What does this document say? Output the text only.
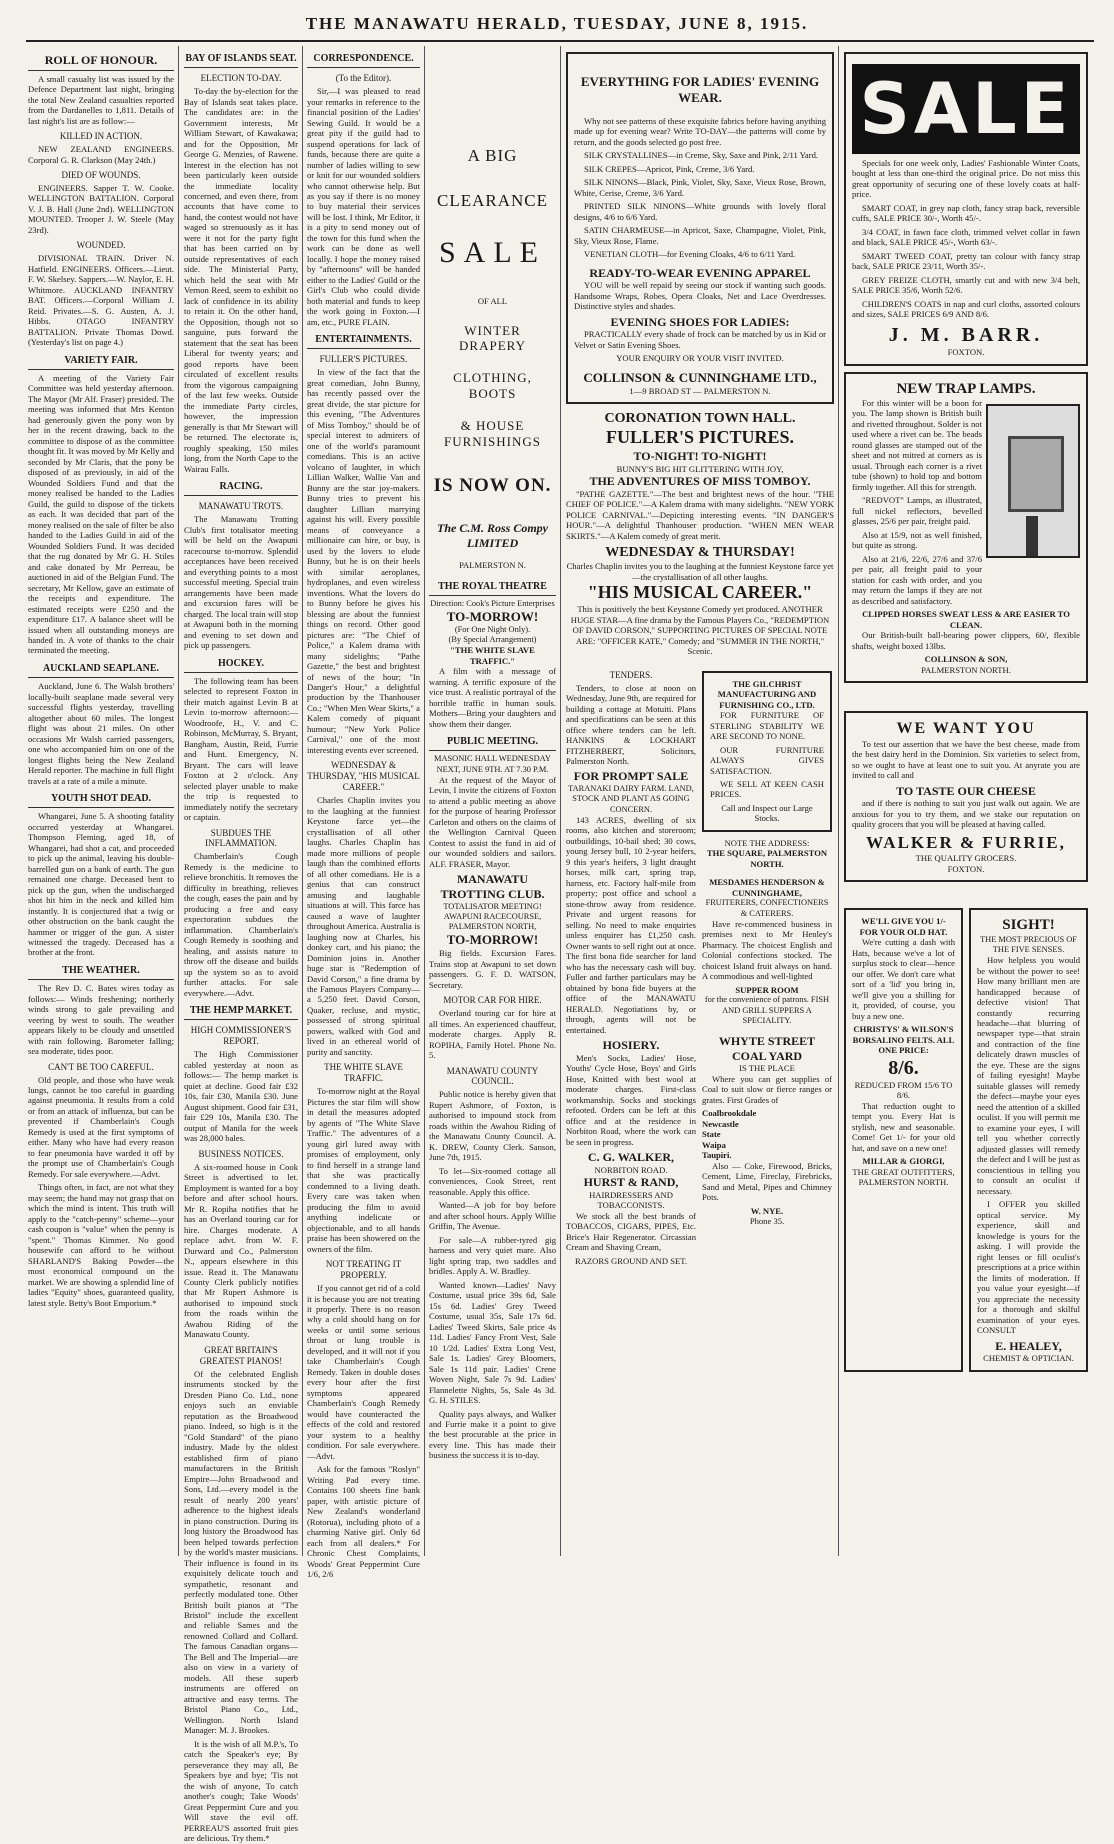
THE MANAWATU HERALD, TUESDAY, JUNE 8, 1915.
ROLL OF HONOUR.

A small casualty list was issued by the Defence Department last night, bringing the total New Zealand casualties reported from the Dardanelles to 1,811. Details of last night's list are as follow:—

KILLED IN ACTION.

NEW ZEALAND ENGINEERS. Corporal G. R. Clarkson (May 24th.)

DIED OF WOUNDS.

ENGINEERS. Sapper T. W. Cooke. WELLINGTON BATTALION. Corporal V. J. B. Hall (June 2nd). WELLINGTON MOUNTED. Trooper J. W. Steele (May 23rd).

WOUNDED.

DIVISIONAL TRAIN. Driver N. Hatfield. ENGINEERS. Officers.—Lieut. F. W. Skelsey. Sappers.—W. Naylor, E. H. Whitmore. AUCKLAND INFANTRY BAT. Officers.—Corporal William J. Reid. Privates.—S. G. Austen, A. J. Hibbs. OTAGO INFANTRY BATTALION. Private Thomas Dowd. (Yesterday's list on page 4.)

VARIETY FAIR.

A meeting of the Variety Fair Committee was held yesterday afternoon. The Mayor (Mr Alf. Fraser) presided. The meeting was informed that Mrs Kenton had generously given the pony won by her in the recent drawing, back to the committee to dispose of as the committee thought fit. It was moved by Mr Kelly and seconded by Mr Claris, that the pony be disposed of as previously, in aid of the Wounded Soldiers Fund and that the money realised be handed to the Ladies Guild, the guild to dispose of the tickets as each. It was decided that part of the money realised on the sale of filter be also handed to the Ladies Guild in aid of the Wounded Soldiers Fund. It was decided that the rug donated by Mr G. H. Stiles and cake donated by Mr Perreau, be auctioned in aid of the Belgian Fund. The secretary, Mr Kellow, gave an estimate of the receipts and expenditure. The estimated receipts were £250 and the expenditure £17. A balance sheet will be issued when all outstanding moneys are handed in. A vote of thanks to the chair terminated the meeting.

AUCKLAND SEAPLANE.

Auckland, June 6. The Walsh brothers' locally-built seaplane made several very successful flights yesterday, travelling altogether about 60 miles. The longest flight was about 21 miles. On other occasions Mr Walsh carried passengers, one who accompanied him on one of the longest flights being the New Zealand Herald reporter. The machine in full flight travels at a rate of a mile a minute.

YOUTH SHOT DEAD.

Whangarei, June 5. A shooting fatality occurred yesterday at Whangarei. Thompson Fleming, aged 18, of Whangarei, had shot a cat, and proceeded to pick up the animal, leaving his double-barrelled gun on a bank of earth. The gun remained one charge. Deceased bent to pick up the gun, when the undischarged shot hit him in the neck and killed him instantly. It is conjectured that a twig or other obstruction on the bank caught the hammer or trigger of the gun. A sister witnessed the tragedy. Deceased has a brother at the front.

THE WEATHER.

The Rev D. C. Bates wires today as follows:— Winds freshening; northerly winds strong to gale prevailing and veering by west to south. The weather appears likely to be cloudy and unsettled with rain following. Barometer falling; sea moderate, tides poor.

CAN'T BE TOO CAREFUL.

Old people, and those who have weak lungs, cannot be too careful in guarding against pneumonia. It results from a cold or from an attack of influenza, but can be prevented if Chamberlain's Cough Remedy is used at the first symptoms of either. Many who have had every reason to fear pneumonia have warded it off by the prompt use of Chamberlain's Cough Remedy. For sale everywhere.—Advt.

Things often, in fact, are not what they may seem; the hand may not grasp that on which the mind is intent. This truth will apply to the "catch-penny" scheme—your cash coupon is "value" when the penny is "spent." Thomas Kimmer. No good housewife can afford to be without SHARLAND'S Baking Powder—the most economical compound on the market. We are showing a splendid line of ladies "Equity" shoes, guaranteed quality, latest style. Betty's Boot Emporium.*

BAY OF ISLANDS SEAT.
ELECTION TO-DAY.

To-day the by-election for the Bay of Islands seat takes place. The candidates are: in the Government interests, Mr William Stewart, of Kawakawa; and for the Opposition, Mr George G. Menzies, of Rawene. Interest in the election has not been particularly keen outside the immediate locality concerned, and even there, from accounts that have come to hand, the contest would not have waged so strenuously as it has were it not for the party fight that has been carried on by outside representatives of each side. The Ministerial Party, which held the seat with Mr Vernon Reed, seem to exhibit no lack of confidence in its ability to retain it. On the other hand, the Opposition, though not so sanguine, puts forward the statement that the seat has been Liberal for twenty years; and good reports have been circulated of excellent results from the vigorous campaigning of the last few weeks. Outside the immediate Party circles, however, the impression generally is that Mr Stewart will be returned. The electorate is, roughly speaking, 150 miles long, from the North Cape to the Wairau Falls.

RACING.
MANAWATU TROTS.

The Manawatu Trotting Club's first totalisator meeting will be held on the Awapuni racecourse to-morrow. Splendid acceptances have been received and everything points to a most successful meeting. Special train arrangements have been made and excursion fares will be charged. The local train will stop at Awapuni both in the morning and evening to set down and pick up passengers.

HOCKEY.

The following team has been selected to represent Foxton in their match against Levin B at Levin to-morrow afternoon:— Woodroofe, H., V. and C. Robinson, McMurray, S. Bryant, Bangham, Austin, Reid, Furrie and Hunt. Emergency, N. Bryant. The cars will leave Foxton at 2 o'clock. Any selected player unable to make the trip is requested to immediately notify the secretary or captain.

SUBDUES THE INFLAMMATION.

Chamberlain's Cough Remedy is the medicine to relieve bronchitis. It removes the difficulty in breathing, relieves the cough, eases the pain and by producing a free and easy expectoration subdues the inflammation. Chamberlain's Cough Remedy is soothing and healing, and assists nature to throw off the disease and builds up the system so as to avoid further attacks. For sale everywhere.—Advt.

THE HEMP MARKET.
HIGH COMMISSIONER'S REPORT.

The High Commissioner cabled yesterday at noon as follows:— The hemp market is quiet at decline. Good fair £32 10s, fair £30, Manila £30. June August shipment. Good fair £31, fair £29 10s, Manila £30. The output of Manila for the week was 28,000 bales.

BUSINESS NOTICES.

A six-roomed house in Cook Street is advertised to let. Employment is wanted for a boy before and after school hours. Mr R. Ropiha notifies that he has an Overland touring car for hire. Charges moderate. A replace advt. from W. F. Durward and Co., Palmerston N., appears elsewhere in this issue. Read it. The Manawatu County Clerk publicly notifies that Mr Rupert Ashmore is authorised to impound stock from the roads within the Awahou Riding of the Manawatu County.

GREAT BRITAIN'S GREATEST PIANOS!

Of the celebrated English instruments stocked by the Dresden Piano Co. Ltd., none enjoys such an enviable reputation as the Broadwood piano. Indeed, so high is it the "Gold Standard" of the piano industry. Made by the oldest established firm of piano manufacturers in the British Empire—John Broadwood and Sons, Ltd.—every model is the result of nearly 200 years' adherence to the highest ideals in piano construction. During its long history the Broadwood has been helped towards perfection by the world's master musicians. Their influence is found in its exquisitely delicate touch and sympathetic, resonant and perfectly modulated tone. Other British built pianos at "The Bristol" include the excellent and reliable Sames and the renowned Collard and Collard. The famous Canadian organs—The Bell and The Imperial—are also on view in a variety of models. All these superb instruments are offered on attractive and easy terms. The Bristol Piano Co., Ltd., Wellington. North Island Manager: M. J. Brookes.

It is the wish of all M.P.'s, To catch the Speaker's eye; By perseverance they may all, Be Speakers bye and bye; 'Tis not the wish of anyone, To catch another's cough; Take Woods' Great Peppermint Cure and you Will stave the evil off. PERREAU'S assorted fruit pies are delicious. Try them.*

CORRESPONDENCE.
(To the Editor).

Sir,—I was pleased to read your remarks in reference to the financial position of the Ladies' Sewing Guild. It would be a great pity if the guild had to suspend operations for lack of funds, because there are quite a number of ladies willing to sew or knit for our wounded soldiers who cannot otherwise help. But as you say if there is no money to buy material their services will be lost. I think, Mr Editor, it is a pity to send money out of the town for this fund when the work can be done as well locally. I hope the money raised by "afternoons" will be handed either to the Ladies' Guild or the Girl's Club who could divide both material and funds to keep the work going in Foxton.—I am, etc., PURE FLAIN.

ENTERTAINMENTS.
FULLER'S PICTURES.

In view of the fact that the great comedian, John Bunny, has recently passed over the great divide, the star picture for this evening, "The Adventures of Miss Tomboy," should be of special interest to admirers of one of the world's paramount comedians. This is an active volcano of laughter, in which Lillian Walker, Wallie Van and Bunny are the star joy-makers. Bunny tries to prevent his daughter Lillian marrying against his will. Every possible means of conveyance a millionaire can hire, or buy, is used by the lovers to elude Bunny, but he is on their heels with similar aeroplanes, hydroplanes, and even wireless inventions. What the lovers do to Bunny before he gives his blessing are about the funniest things on record. Other good pictures are: "The Chief of Police," a Kalem drama with many sidelights; "Pathe Gazette," the best and brightest of news of the hour; "In Danger's Hour," a delightful production by the Thanhouser Co.; "When Men Wear Skirts," a Kalem comedy of piquant humour; "New York Police Carnival," one of the most interesting events ever screened.

WEDNESDAY & THURSDAY, "HIS MUSICAL CAREER."

Charles Chaplin invites you to the laughing at the funniest Keystone farce yet—the crystallisation of all other laughs. Charles Chaplin has made more millions of people laugh than the combined efforts of all other comedians. He is a genius that can construct amusing and laughable situations at will. This farce has caused a wave of laughter throughout America. Australia is laughing now at Charles, his donkey cart, and his piano; the Dominion joins in. Another huge star is "Redemption of David Corson," a fine drama by the Famous Players Company—a 5,250 feet. David Corson, Quaker, recluse, and mystic, possessed of strong spiritual powers, walked with God and lived in an ethereal world of purity and sanctity.

THE WHITE SLAVE TRAFFIC.

To-morrow night at the Royal Pictures the star film will show in detail the measures adopted by agents of "The White Slave Traffic." The adventures of a young girl lured away with promises of employment, only to find herself in a strange land that she was practically condemned to a living death. Every care was taken when producing the film to avoid anything indelicate or objectionable, and to all hands praise has been showered on the owners of the film.

NOT TREATING IT PROPERLY.

If you cannot get rid of a cold it is because you are not treating it properly. There is no reason why a cold should hang on for weeks or until some serious throat or lung trouble is developed, and it will not if you take Chamberlain's Cough Remedy. Taken in double doses every hour after the first symptoms appeared Chamberlain's Cough Remedy would have counteracted the effects of the cold and restored your system to a healthy condition. For sale everywhere.—Advt.

Ask for the famous "Roslyn" Writing Pad every time. Contains 100 sheets fine bank paper, with artistic picture of New Zealand's wonderland (Rotorua), including photo of a charming Native girl. Only 6d each from all dealers.* For Chronic Chest Complaints, Woods' Great Peppermint Cure 1/6, 2/6

A BIG
CLEARANCE
SALE
OF ALL
WINTER DRAPERY
CLOTHING, BOOTS
& HOUSE FURNISHINGS
IS NOW ON.
The C.M. Ross Compy LIMITED
PALMERSTON N.
THE ROYAL THEATRE
Direction: Cook's Picture Enterprises
TO-MORROW!
(For One Night Only).
(By Special Arrangement)
"THE WHITE SLAVE TRAFFIC."

A film with a message of warning. A terrific exposure of the vice trust. A realistic portrayal of the horrible traffic in human souls. Mothers—Bring your daughters and show them their danger.

PUBLIC MEETING.
MASONIC HALL WEDNESDAY NEXT, JUNE 9TH. AT 7.30 P.M.

At the request of the Mayor of Levin, I invite the citizens of Foxton to attend a public meeting as above for the purpose of hearing Professor Carleton and others on the claims of the Wellington Carnival Queen Contest to assist the fund in aid of our wounded soldiers and sailors. ALF. FRASER, Mayor.

MANAWATU TROTTING CLUB.
TOTALISATOR MEETING! AWAPUNI RACECOURSE, PALMERSTON NORTH,
TO-MORROW!

Big fields. Excursion Fares. Trains stop at Awapuni to set down passengers. G. F. D. WATSON, Secretary.

MOTOR CAR FOR HIRE.

Overland touring car for hire at all times. An experienced chauffeur, moderate charges. Apply R. ROPIHA, Family Hotel. Phone No. 5.

MANAWATU COUNTY COUNCIL.

Public notice is hereby given that Rupert Ashmore, of Foxton, is authorised to impound stock from roads within the Awahou Riding of the Manawatu County Council. A. K. DREW, County Clerk. Sanson, June 7th, 1915.

To let—Six-roomed cottage all conveniences, Cook Street, rent reasonable. Apply this office.

Wanted—A job for boy before and after school hours. Apply Willie Griffin, The Avenue.

For sale—A rubber-tyred gig harness and very quiet mare. Also light spring trap, two saddles and bridles. Apply A. W. Bradley.

Wanted known—Ladies' Navy Costume, usual price 39s 6d, Sale 15s 6d. Ladies' Grey Tweed Costume, usual 35s, Sale 17s 6d. Ladies' Tweed Skirts, Sale price 4s 11d. Ladies' Fancy Front Vest, Sale 10 1/2d. Ladies' Extra Long Vest, Sale 1s. Ladies' Grey Bloomers, Sale 1s 11d pair. Ladies' Crene Woven Night, Sale 7s 9d. Ladies' Flannelette Nights, 5s, Sale 4s 3d. G. H. STILES.

Quality pays always, and Walker and Furrie make it a point to give the best procurable at the price in every line. This has made their business the success it is to-day.

EVERYTHING FOR LADIES' EVENING WEAR.

Why not see patterns of these exquisite fabrics before having anything made up for evening wear? Write TO-DAY—the patterns will come by return, and the goods selected go post free.

SILK CRYSTALLINES—in Creme, Sky, Saxe and Pink, 2/11 Yard.

SILK CREPES—Apricot, Pink, Creme, 3/6 Yard.

SILK NINONS—Black, Pink, Violet, Sky, Saxe, Vieux Rose, Brown, White, Cerise, Creme, 3/6 Yard.

PRINTED SILK NINONS—White grounds with lovely floral designs, 4/6 to 6/6 Yard.

SATIN CHARMEUSE—in Apricot, Saxe, Champagne, Violet, Pink, Sky, Vieux Rose, Flame.

VENETIAN CLOTH—for Evening Cloaks, 4/6 to 6/11 Yard.

READY-TO-WEAR EVENING APPAREL

YOU will be well repaid by seeing our stock if wanting such goods. Handsome Wraps, Robes, Opera Cloaks, Net and Lace Overdresses. Distinctive styles and shades.

EVENING SHOES FOR LADIES:

PRACTICALLY every shade of frock can be matched by us in Kid or Velvet or Satin Evening Shoes.

YOUR ENQUIRY OR YOUR VISIT INVITED.
COLLINSON & CUNNINGHAME LTD.,
1—9 BROAD ST — PALMERSTON N.
CORONATION TOWN HALL.
FULLER'S PICTURES.
TO-NIGHT! TO-NIGHT!
BUNNY'S BIG HIT GLITTERING WITH JOY,
THE ADVENTURES OF MISS TOMBOY.

"PATHE GAZETTE."—The best and brightest news of the hour. "THE CHIEF OF POLICE."—A Kalem drama with many sidelights. "NEW YORK POLICE CARNIVAL."—Depicting interesting events. "IN DANGER'S HOUR."—A delightful Thanhouser production. "WHEN MEN WEAR SKIRTS."—A Kalem comedy of great merit.

WEDNESDAY & THURSDAY!
Charles Chaplin invites you to the laughing at the funniest Keystone farce yet—the crystallisation of all other laughs.
"HIS MUSICAL CAREER."
This is positively the best Keystone Comedy yet produced. ANOTHER HUGE STAR—A fine drama by the Famous Players Co., "REDEMPTION OF DAVID CORSON," SUPPORTING PICTURES OF SPECIAL NOTE ARE: "OFFICER KATE," Comedy; and "SUMMER IN THE NORTH," Scenic.
TENDERS.

Tenders, to close at noon on Wednesday, June 9th, are required for building a cottage at Motuiti. Plans and specifications can be seen at this office where tenders can be left. HANKINS & LOCKHART FITZHERBERT, Solicitors, Palmerston North.

FOR PROMPT SALE
TARANAKI DAIRY FARM. LAND, STOCK AND PLANT AS GOING CONCERN.

143 ACRES, dwelling of six rooms, also kitchen and storeroom; outbuildings, 10-bail shed; 30 cows, young Jersey bull, 10 2-year heifers, 9 this year's heifers, 3 light draught horses, milk cart, spring trap, harness, etc. Factory half-mile from property; post office and school a stone-throw away from residence. Private and urgent reasons for selling. No need to make enquiries unless enquirer has £1,250 cash. Owner wants to sell right out at once. The first bona fide searcher for land who has the necessary cash will buy. Fuller and farther particulars may be obtained by bona fide buyers at the office of the MANAWATU HERALD. Negotiations by, or through, agents will not be entertained.

HOSIERY.

Men's Socks, Ladies' Hose, Youths' Cycle Hose, Boys' and Girls Hose, Knitted with best wool at moderate charges. First-class workmanship. Socks and stockings refooted. Orders can be left at this office and at the residence in Norbiton Road, where the work can be seen in progress.

C. G. WALKER,
NORBITON ROAD.
HURST & RAND,
HAIRDRESSERS AND TOBACCONISTS.

We stock all the best brands of TOBACCOS, CIGARS, PIPES, Etc. Brice's Hair Regenerator. Circassian Cream and Shaving Cream,

RAZORS GROUND AND SET.
THE GILCHRIST MANUFACTURING AND FURNISHING CO., LTD.

FOR FURNITURE OF STERLING STABILITY WE ARE SECOND TO NONE.

OUR FURNITURE ALWAYS GIVES SATISFACTION.

WE SELL AT KEEN CASH PRICES.

Call and Inspect our Large Stocks.
NOTE THE ADDRESS:
THE SQUARE, PALMERSTON NORTH.
MESDAMES HENDERSON & CUNNINGHAME,
FRUITERERS, CONFECTIONERS & CATERERS.

Have re-commenced business in premises next to Mr Henley's Pharmacy. The choicest English and Colonial confections stocked. The choicest Island fruit always on hand. A commodious and well-lighted

SUPPER ROOM
for the convenience of patrons. FISH AND GRILL SUPPERS A SPECIALITY.
WHYTE STREET COAL YARD
IS THE PLACE

Where you can get supplies of Coal to suit slow or fierce ranges or grates. First Grades of

Coalbrookdale
Newcastle
State
Waipa
Taupiri.

Also — Coke, Firewood, Bricks, Cement, Lime, Fireclay, Firebricks, Sand and Metal, Pipes and Chimney Pots.

W. NYE.
Phone 35.
SALE

Specials for one week only, Ladies' Fashionable Winter Coats, bought at less than one-third the original price. Do not miss this great opportunity of securing one of these lovely coats at half-price.

SMART COAT, in grey nap cloth, fancy strap back, reversible cuffs, SALE PRICE 30/-, Worth 45/-.

3/4 COAT, in fawn face cloth, trimmed velvet collar in fawn and black, SALE PRICE 45/-, Worth 63/-.

SMART TWEED COAT, pretty tan colour with fancy strap back, SALE PRICE 23/11, Worth 35/-.

GREY FREIZE CLOTH, smartly cut and with new 3/4 belt, SALE PRICE 35/6, Worth 52/6.

CHILDREN'S COATS in nap and curl cloths, assorted colours and sizes, SALE PRICES 6/9 AND 8/6.

J. M. BARR.
FOXTON.
NEW TRAP LAMPS.

For this winter will be a boon for you. The lamp shown is British built and rivetted throughout. Solder is not used where a rivet can be. The beads round glasses are stamped out of the sheet and not mitred at corners as is usual. Through each corner is a rivet tube (shown) to hold top and bottom firmly together. All this for strength.

"REDVOT" Lamps, as illustrated, full nickel reflectors, bevelled glasses, 25/6 per pair, freight paid.

Also at 15/9, not as well finished, but quite as strong.

Also at 21/6, 22/6, 27/6 and 37/6 per pair, all freight paid to your station for cash with order, and you may return the lamps if they are not as described and satisfactory.

CLIPPED HORSES SWEAT LESS & ARE EASIER TO CLEAN.

Our British-built ball-bearing power clippers, 60/, flexible shafts, weight boxed 13lbs.

COLLINSON & SON,
PALMERSTON NORTH.
WE WANT YOU

To test our assertion that we have the best cheese, made from the best dairy herd in the Dominion. Six varieties to select from, so we ought to have at least one to suit you. At anyrate you are invited to call and

TO TASTE OUR CHEESE

and if there is nothing to suit you just walk out again. We are anxious for you to try them, and we stake our reputation on quality grocers that you will be pleased at having called.

WALKER & FURRIE,
THE QUALITY GROCERS.
FOXTON.
WE'LL GIVE YOU 1/- FOR YOUR OLD HAT.

We're cutting a dash with Hats, because we've a lot of surplus stock to clear—hence our offer. We don't care what sort of a 'lid' you bring in, we'll give you a shilling for it, provided, of course, you buy a new one.

CHRISTYS' & WILSON'S BORSALINO FELTS. ALL ONE PRICE:
8/6.
REDUCED FROM 15/6 TO 8/6.

That reduction ought to tempt you. Every Hat is stylish, new and seasonable. Come! Get 1/- for your old hat, and save on a new one!

MILLAR & GIORGI,
THE GREAT OUTFITTERS,
PALMERSTON NORTH.
SIGHT!
THE MOST PRECIOUS OF THE FIVE SENSES.

How helpless you would be without the power to see! How many brilliant men are handicapped because of defective vision! That constantly recurring headache—that blurring of newspaper type—that strain and contraction of the fine delicately drawn muscles of the eye. These are the signs of failing eyesight! Maybe suitable glasses will remedy the defect—maybe your eyes need the attention of a skilled oculist. If you will permit me to examine your eyes, I will tell you whether correctly adjusted glasses will remedy the defect and I will be just as conscientious in telling you to consult an oculist if necessary.

I OFFER you skilled optical service. My experience, skill and knowledge is yours for the asking. I will provide the right lenses or fill oculist's prescriptions at a price within the limits of moderation. If you value your eyesight—if you appreciate the necessity for a thorough and skilful examination of your eyes. CONSULT

E. HEALEY,
CHEMIST & OPTICIAN.
